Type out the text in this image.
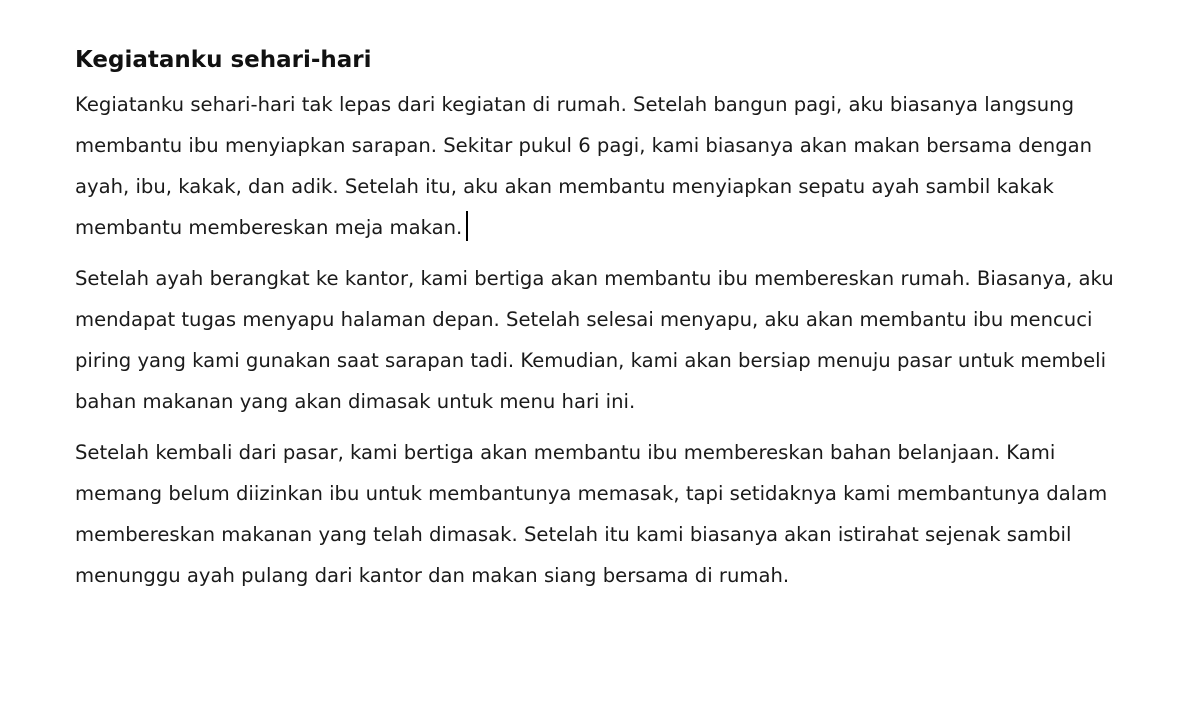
Kegiatanku sehari-hari

Kegiatanku sehari-hari tak lepas dari kegiatan di rumah. Setelah bangun pagi, aku biasanya langsung membantu ibu menyiapkan sarapan. Sekitar pukul 6 pagi, kami biasanya akan makan bersama dengan ayah, ibu, kakak, dan adik. Setelah itu, aku akan membantu menyiapkan sepatu ayah sambil kakak membantu membereskan meja makan.

Setelah ayah berangkat ke kantor, kami bertiga akan membantu ibu membereskan rumah. Biasanya, aku mendapat tugas menyapu halaman depan. Setelah selesai menyapu, aku akan membantu ibu mencuci piring yang kami gunakan saat sarapan tadi. Kemudian, kami akan bersiap menuju pasar untuk membeli bahan makanan yang akan dimasak untuk menu hari ini.

Setelah kembali dari pasar, kami bertiga akan membantu ibu membereskan bahan belanjaan. Kami memang belum diizinkan ibu untuk membantunya memasak, tapi setidaknya kami membantunya dalam membereskan makanan yang telah dimasak. Setelah itu kami biasanya akan istirahat sejenak sambil menunggu ayah pulang dari kantor dan makan siang bersama di rumah.
